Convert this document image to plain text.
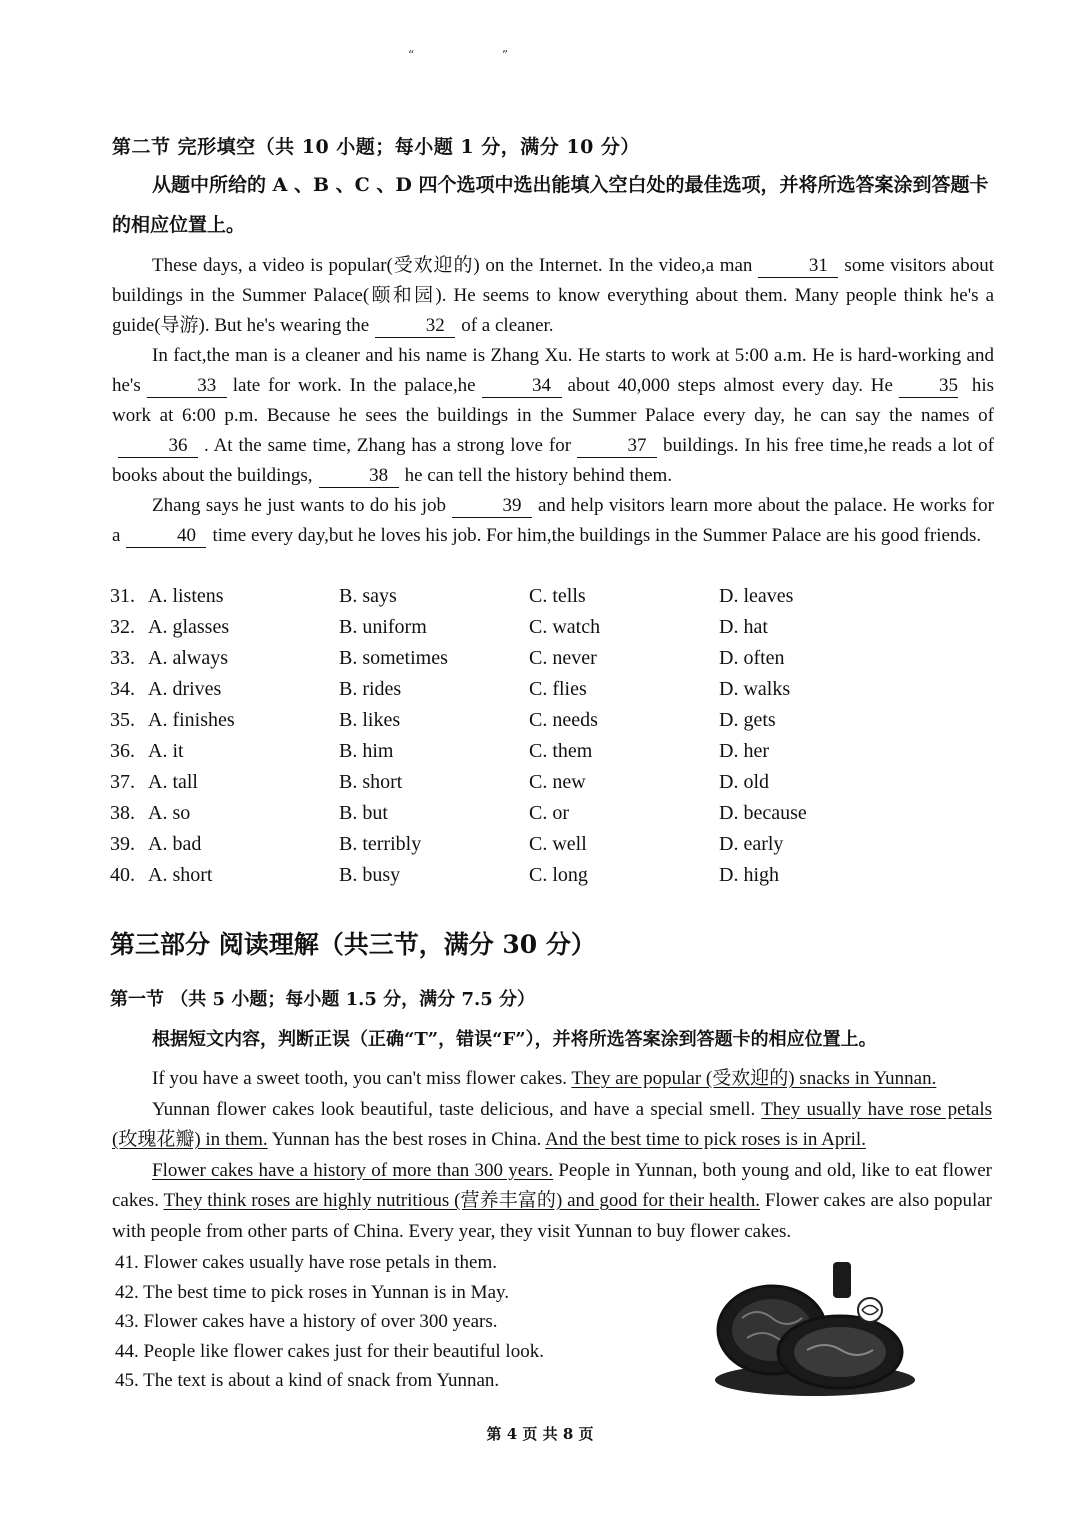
“	”
第二节 完形填空（共 10 小题；每小题 1 分，满分 10 分）
从题中所给的 A 、B 、C 、D 四个选项中选出能填入空白处的最佳选项，并将所选答案涂到答题卡的相应位置上。

These days, a video is popular(受欢迎的) on the Internet. In the video,a man	31 some visitors about buildings in the Summer Palace(颐和园). He seems to know everything about them. Many people think he's a guide(导游). But he's wearing the	32 of a cleaner.

In fact,the man is a cleaner and his name is Zhang Xu. He starts to work at 5:00 a.m. He is hard-working and he's	33 late for work. In the palace,he	34 about 40,000 steps almost every day. He 35 his work at 6:00 p.m. Because he sees the buildings in the Summer Palace every day, he can say the names of36 . At the same time, Zhang has a strong love for	37 buildings. In his free time,he reads a lot of books about the buildings,	38 he can tell the history behind them.

Zhang says he just wants to do his job	39 and help visitors learn more about the palace. He works for a	40 time every day,but he loves his job. For him,the buildings in the Summer Palace are his good friends.

31. A. listens	B. says	C. tells	D. leaves
32. A. glasses	B. uniform	C. watch	D. hat
33. A. always	B. sometimes	C. never	D. often
34. A. drives	B. rides	C. flies	D. walks
35. A. finishes	B. likes	C. needs	D. gets
36. A. it	B. him	C. them	D. her
37. A. tall	B. short	C. new	D. old
38. A. so	B. but	C. or	D. because
39. A. bad	B. terribly	C. well	D. early
40. A. short	B. busy	C. long	D. high
第三部分 阅读理解（共三节，满分 30 分）
第一节 （共 5 小题；每小题 1.5 分，满分 7.5 分）
根据短文内容，判断正误（正确“T”，错误“F”），并将所选答案涂到答题卡的相应位置上。

If you have a sweet tooth, you can't miss flower cakes. They are popular (受欢迎的) snacks in Yunnan.

Yunnan flower cakes look beautiful, taste delicious, and have a special smell. They usually have rose petals (玫瑰花瓣) in them. Yunnan has the best roses in China. And the best time to pick roses is in April.

Flower cakes have a history of more than 300 years. People in Yunnan, both young and old, like to eat flower cakes. They think roses are highly nutritious (营养丰富的) and good for their health. Flower cakes are also popular with people from other parts of China. Every year, they visit Yunnan to buy flower cakes.

41. Flower cakes usually have rose petals in them.
42. The best time to pick roses in Yunnan is in May.
43. Flower cakes have a history of over 300 years.
44. People like flower cakes just for their beautiful look.
45. The text is about a kind of snack from Yunnan.
第 4 页 共 8 页
